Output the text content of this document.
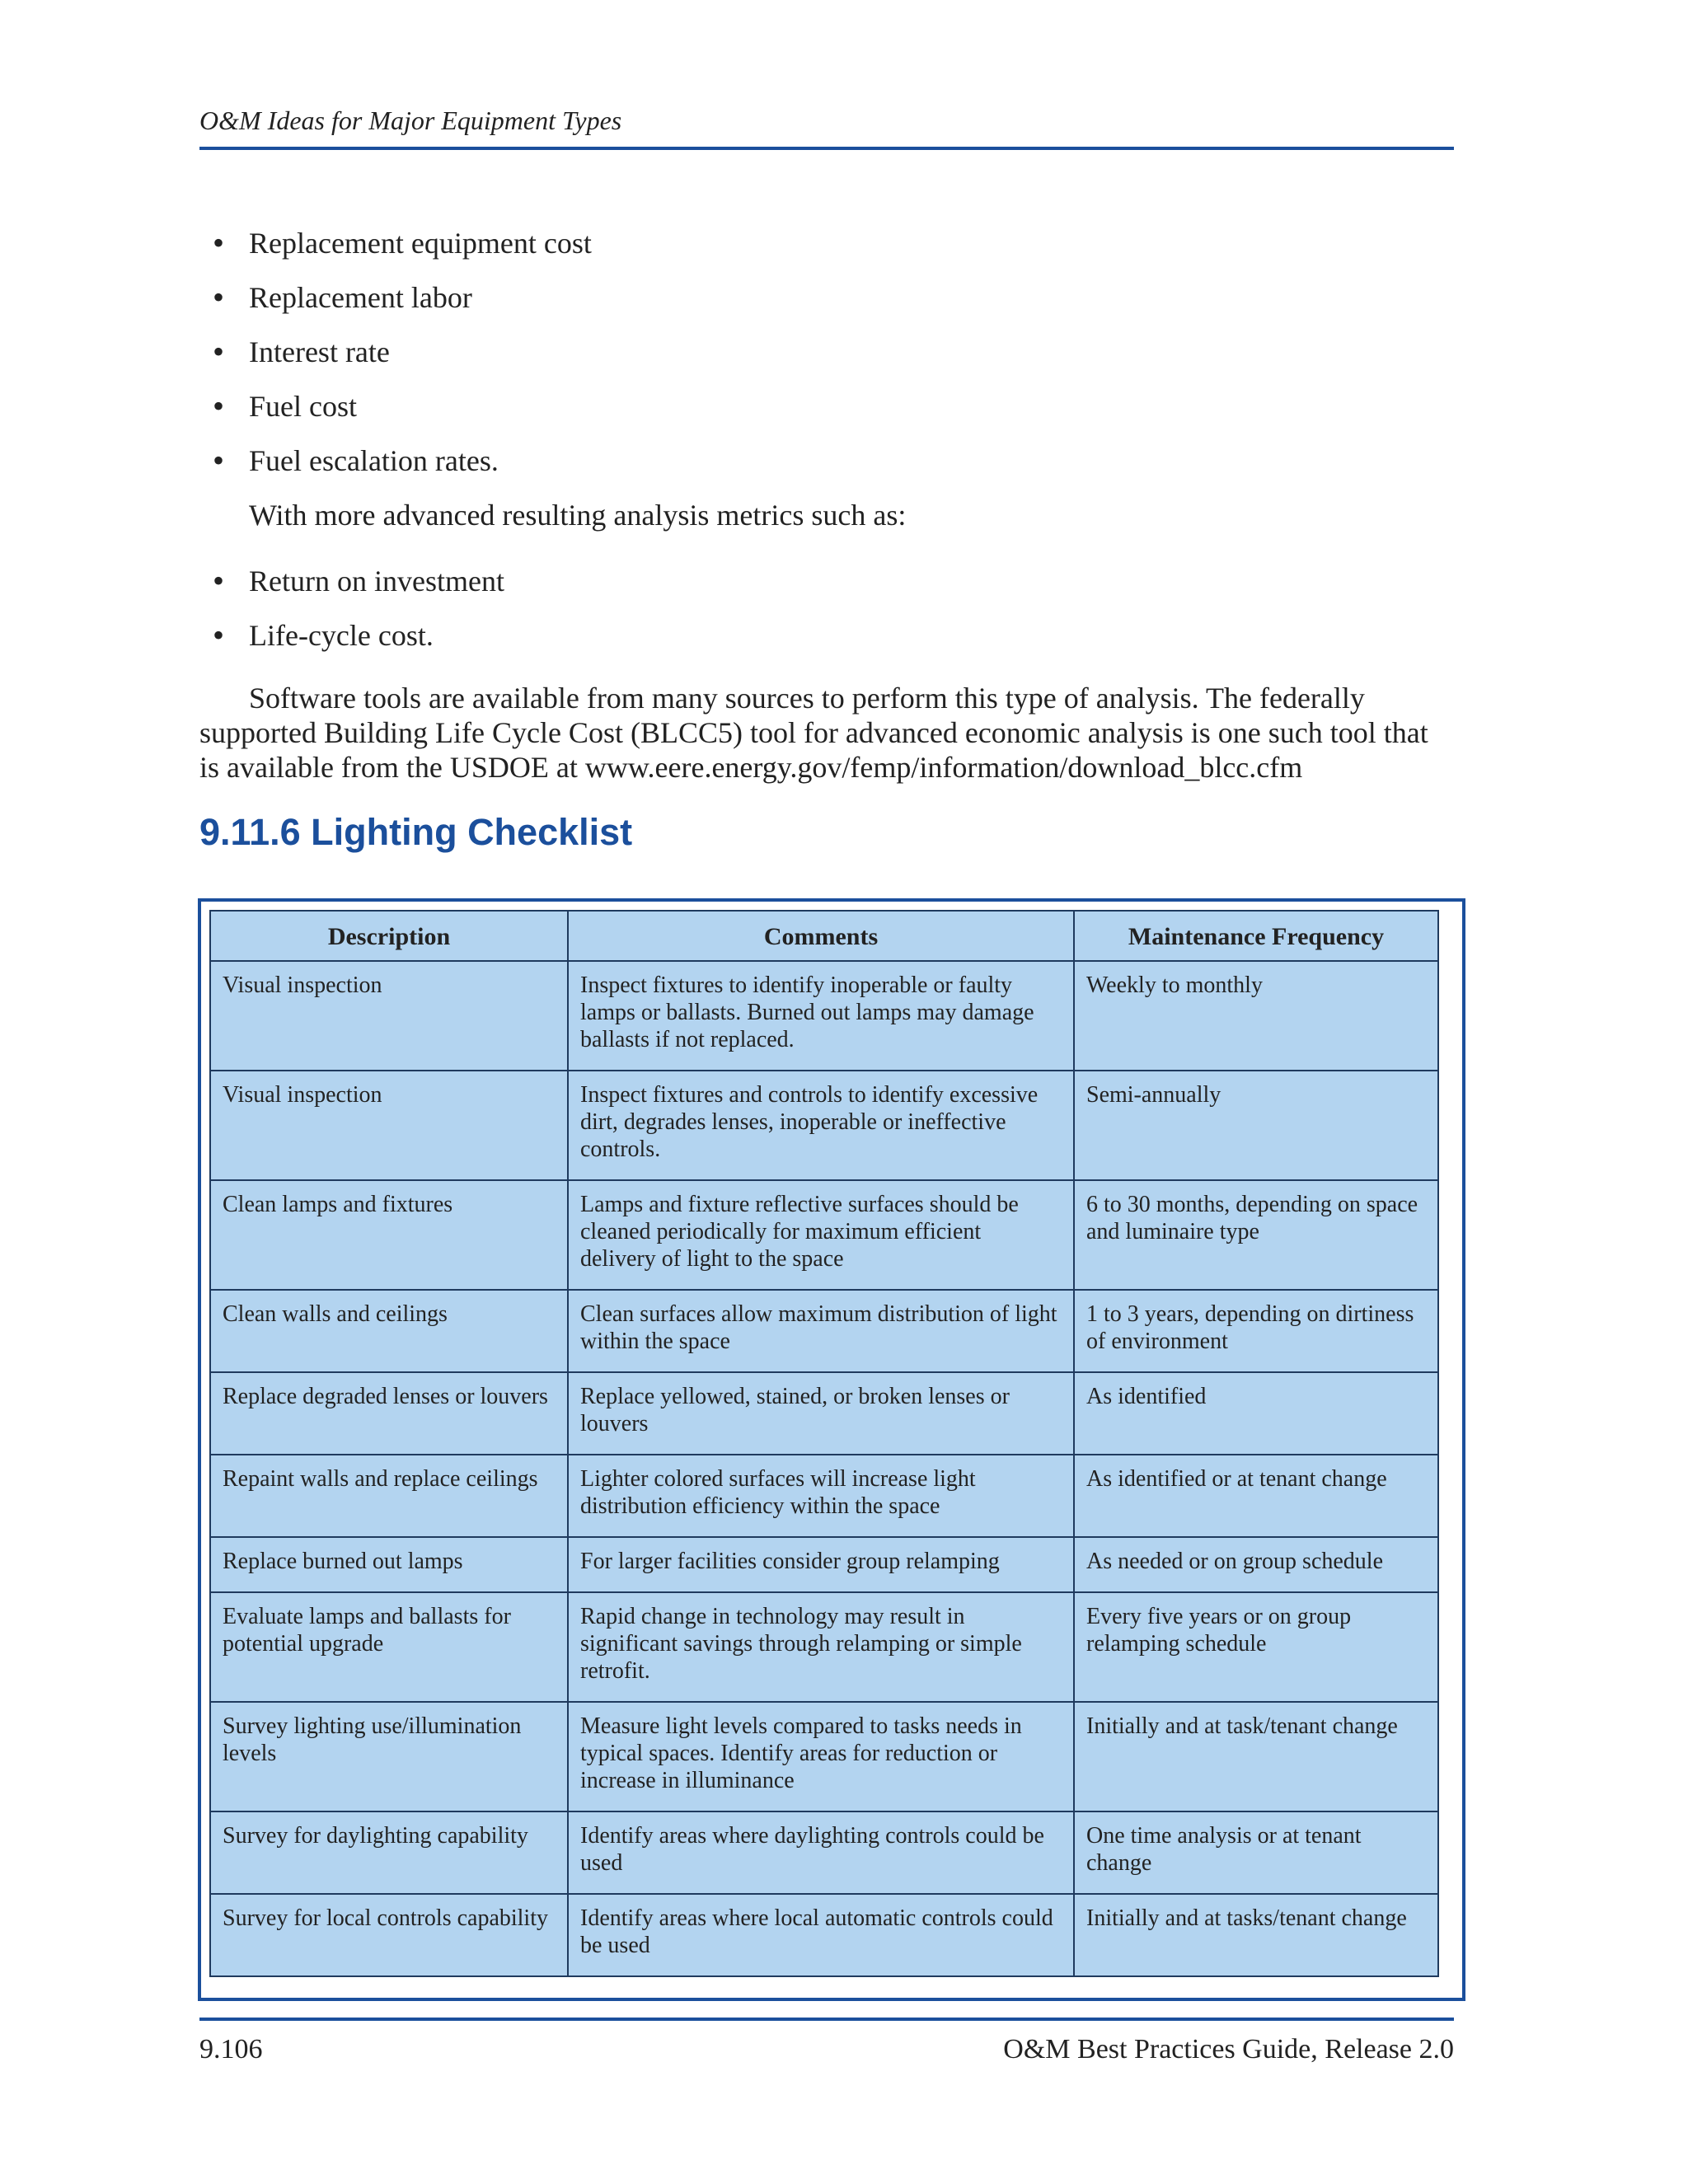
O&M Ideas for Major Equipment Types
• Replacement equipment cost
• Replacement labor
• Interest rate
• Fuel cost
• Fuel escalation rates.

With more advanced resulting analysis metrics such as:

• Return on investment
• Life-cycle cost.

Software tools are available from many sources to perform this type of analysis. The federally supported Building Life Cycle Cost (BLCC5) tool for advanced economic analysis is one such tool that is available from the USDOE at www.eere.energy.gov/femp/information/download_blcc.cfm

9.11.6 Lighting Checklist
Description	Comments	Maintenance Frequency
Visual inspection	Inspect fixtures to identify inoperable or faulty lamps or ballasts. Burned out lamps may damage ballasts if not replaced.	Weekly to monthly
Visual inspection	Inspect fixtures and controls to identify excessive dirt, degrades lenses, inoperable or ineffective controls.	Semi-annually
Clean lamps and fixtures	Lamps and fixture reflective surfaces should be cleaned periodically for maximum efficient delivery of light to the space	6 to 30 months, depending on space and luminaire type
Clean walls and ceilings	Clean surfaces allow maximum distribution of light within the space	1 to 3 years, depending on dirtiness of environment
Replace degraded lenses or louvers	Replace yellowed, stained, or broken lenses or louvers	As identified
Repaint walls and replace ceilings	Lighter colored surfaces will increase light distribution efficiency within the space	As identified or at tenant change
Replace burned out lamps	For larger facilities consider group relamping	As needed or on group schedule
Evaluate lamps and ballasts for potential upgrade	Rapid change in technology may result in significant savings through relamping or simple retrofit.	Every five years or on group relamping schedule
Survey lighting use/illumination levels	Measure light levels compared to tasks needs in typical spaces. Identify areas for reduction or increase in illuminance	Initially and at task/tenant change
Survey for daylighting capability	Identify areas where daylighting controls could be used	One time analysis or at tenant change
Survey for local controls capability	Identify areas where local automatic controls could be used	Initially and at tasks/tenant change
9.106	O&M Best Practices Guide, Release 2.0
